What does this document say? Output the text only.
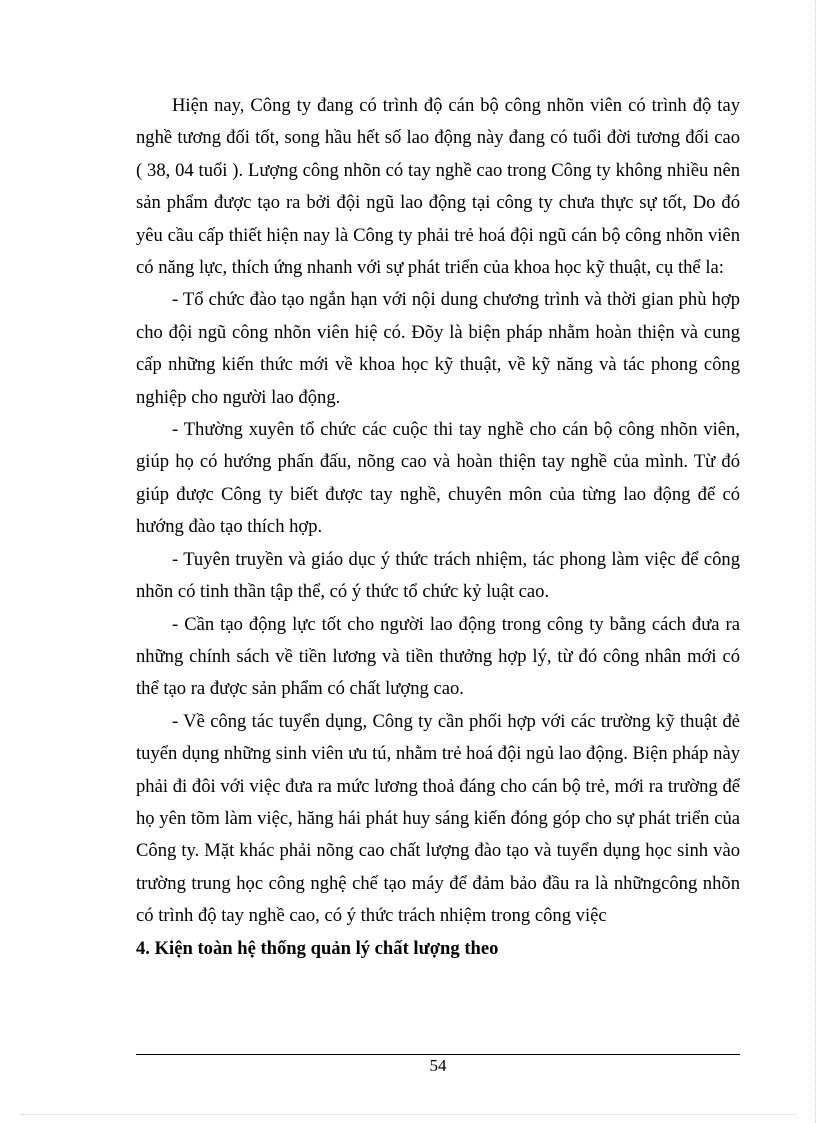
Hiện nay, Công ty đang có trình độ cán bộ công nhõn viên có trình độ tay nghề tương đối tốt, song hầu hết số lao động này đang có tuổi đời tương đối cao ( 38, 04 tuổi ). Lượng công nhõn có tay nghề cao trong Công ty không nhiều nên sản phẩm được tạo ra bởi đội ngũ lao động tại công ty chưa thực sự tốt, Do đó yêu cầu cấp thiết hiện nay là Công ty phải trẻ hoá đội ngũ cán bộ công nhõn viên có năng lực, thích ứng nhanh với sự phát triển của khoa học kỹ thuật, cụ thể la:

- Tổ chức đào tạo ngắn hạn với nội dung chương trình và thời gian phù hợp cho đội ngũ công nhõn viên hiệ có. Đõy là biện pháp nhằm hoàn thiện và cung cấp những kiến thức mới về khoa học kỹ thuật, về kỹ năng và tác phong công nghiệp cho người lao động.

- Thường xuyên tổ chức các cuộc thi tay nghề cho cán bộ công nhõn viên, giúp họ có hướng phấn đấu, nõng cao và hoàn thiện tay nghề của mình. Từ đó giúp được Công ty biết được tay nghề, chuyên môn của từng lao động để có hướng đào tạo thích hợp.

- Tuyên truyền và giáo dục ý thức trách nhiệm, tác phong làm việc để công nhõn có tinh thần tập thể, có ý thức tổ chức kỷ luật cao.

- Cần tạo động lực tốt cho người lao động trong công ty bằng cách đưa ra những chính sách về tiền lương và tiền thưởng hợp lý, từ đó công nhân mới có thể tạo ra được sản phẩm có chất lượng cao.

- Về công tác tuyển dụng, Công ty cần phối hợp với các trường kỹ thuật đẻ tuyển dụng những sinh viên ưu tú, nhằm trẻ hoá đội ngủ lao động. Biện pháp này phải đi đôi với việc đưa ra mức lương thoả đáng cho cán bộ trẻ, mới ra trường để họ yên tõm làm việc, hăng hái phát huy sáng kiến đóng góp cho sự phát triển của Công ty. Mặt khác phải nõng cao chất lượng đào tạo và tuyển dụng học sinh vào trường trung học công nghệ chế tạo máy để đảm bảo đầu ra là nhữngcông nhõn có trình độ tay nghề cao, có ý thức trách nhiệm trong công việc

4. Kiện toàn hệ thống quản lý chất lượng theo
54
